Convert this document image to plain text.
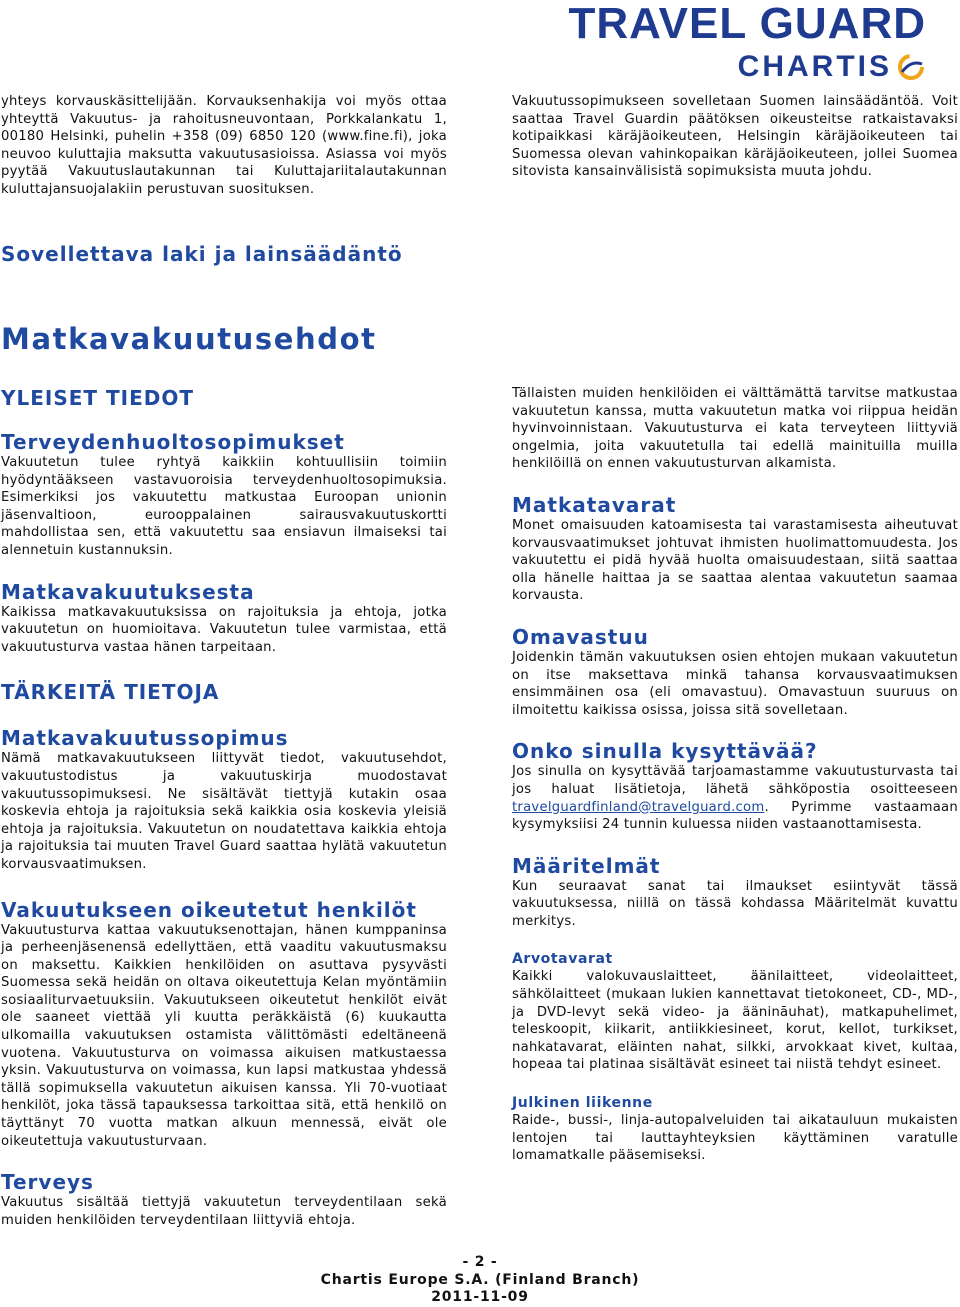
TRAVEL GUARD
CHARTIS

yhteys korvauskäsittelijään. Korvauksenhakija voi myös ottaa yhteyttä Vakuutus- ja rahoitusneuvontaan, Porkkalankatu 1, 00180 Helsinki, puhelin +358 (09) 6850 120 (www.fine.fi), joka neuvoo kuluttajia maksutta vakuutusasioissa. Asiassa voi myös pyytää Vakuutuslautakunnan tai Kuluttajariitalautakunnan kuluttajansuojalakiin perustuvan suosituksen.

Vakuutussopimukseen sovelletaan Suomen lainsäädäntöä. Voit saattaa Travel Guardin päätöksen oikeusteitse ratkaistavaksi kotipaikkasi käräjäoikeuteen, Helsingin käräjäoikeuteen tai Suomessa olevan vahinkopaikan käräjäoikeuteen, jollei Suomea sitovista kansainvälisistä sopimuksista muuta johdu.

Sovellettava laki ja lainsäädäntö
Matkavakuutusehdot
YLEISET TIEDOT
Terveydenhuoltosopimukset

Vakuutetun tulee ryhtyä kaikkiin kohtuullisiin toimiin hyödyntääkseen vastavuoroisia terveydenhuoltosopimuksia. Esimerkiksi jos vakuutettu matkustaa Euroopan unionin jäsenvaltioon, eurooppalainen sairausvakuutuskortti mahdollistaa sen, että vakuutettu saa ensiavun ilmaiseksi tai alennetuin kustannuksin.

Matkavakuutuksesta

Kaikissa matkavakuutuksissa on rajoituksia ja ehtoja, jotka vakuutetun on huomioitava. Vakuutetun tulee varmistaa, että vakuutusturva vastaa hänen tarpeitaan.

TÄRKEITÄ TIETOJA
Matkavakuutussopimus

Nämä matkavakuutukseen liittyvät tiedot, vakuutusehdot, vakuutustodistus ja vakuutuskirja muodostavat vakuutussopimuksesi. Ne sisältävät tiettyjä kutakin osaa koskevia ehtoja ja rajoituksia sekä kaikkia osia koskevia yleisiä ehtoja ja rajoituksia. Vakuutetun on noudatettava kaikkia ehtoja ja rajoituksia tai muuten Travel Guard saattaa hylätä vakuutetun korvausvaatimuksen.

Vakuutukseen oikeutetut henkilöt

Vakuutusturva kattaa vakuutuksenottajan, hänen kumppaninsa ja perheenjäsenensä edellyttäen, että vaaditu vakuutusmaksu on maksettu. Kaikkien henkilöiden on asuttava pysyvästi Suomessa sekä heidän on oltava oikeutettuja Kelan myöntämiin sosiaaliturvaetuuksiin. Vakuutukseen oikeutetut henkilöt eivät ole saaneet viettää yli kuutta peräkkäistä (6) kuukautta ulkomailla vakuutuksen ostamista välittömästi edeltäneenä vuotena. Vakuutusturva on voimassa aikuisen matkustaessa yksin. Vakuutusturva on voimassa, kun lapsi matkustaa yhdessä tällä sopimuksella vakuutetun aikuisen kanssa. Yli 70-vuotiaat henkilöt, joka tässä tapauksessa tarkoittaa sitä, että henkilö on täyttänyt 70 vuotta matkan alkuun mennessä, eivät ole oikeutettuja vakuutusturvaan.

Terveys

Vakuutus sisältää tiettyjä vakuutetun terveydentilaan sekä muiden henkilöiden terveydentilaan liittyviä ehtoja.

Tällaisten muiden henkilöiden ei välttämättä tarvitse matkustaa vakuutetun kanssa, mutta vakuutetun matka voi riippua heidän hyvinvoinnistaan. Vakuutusturva ei kata terveyteen liittyviä ongelmia, joita vakuutetulla tai edellä mainituilla muilla henkilöillä on ennen vakuutusturvan alkamista.

Matkatavarat

Monet omaisuuden katoamisesta tai varastamisesta aiheutuvat korvausvaatimukset johtuvat ihmisten huolimattomuudesta. Jos vakuutettu ei pidä hyvää huolta omaisuudestaan, siitä saattaa olla hänelle haittaa ja se saattaa alentaa vakuutetun saamaa korvausta.

Omavastuu

Joidenkin tämän vakuutuksen osien ehtojen mukaan vakuutetun on itse maksettava minkä tahansa korvausvaatimuksen ensimmäinen osa (eli omavastuu). Omavastuun suuruus on ilmoitettu kaikissa osissa, joissa sitä sovelletaan.

Onko sinulla kysyttävää?

Jos sinulla on kysyttävää tarjoamastamme vakuutusturvasta tai jos haluat lisätietoja, lähetä sähköpostia osoitteeseen travelguardfinland@travelguard.com. Pyrimme vastaamaan kysymyksiisi 24 tunnin kuluessa niiden vastaanottamisesta.

Määritelmät

Kun seuraavat sanat tai ilmaukset esiintyvät tässä vakuutuksessa, niillä on tässä kohdassa Määritelmät kuvattu merkitys.

Arvotavarat

Kaikki valokuvauslaitteet, äänilaitteet, videolaitteet, sähkölaitteet (mukaan lukien kannettavat tietokoneet, CD-, MD-, ja DVD-levyt sekä video- ja äänināuhat), matkapuhelimet, teleskoopit, kiikarit, antiikkiesineet, korut, kellot, turkikset, nahkatavarat, eläinten nahat, silkki, arvokkaat kivet, kultaa, hopeaa tai platinaa sisältävät esineet tai niistä tehdyt esineet.

Julkinen liikenne

Raide-, bussi-, linja-autopalveluiden tai aikatauluun mukaisten lentojen tai lauttayhteyksien käyttäminen varatulle lomamatkalle pääsemiseksi.

- 2 -
Chartis Europe S.A. (Finland Branch)
2011-11-09
